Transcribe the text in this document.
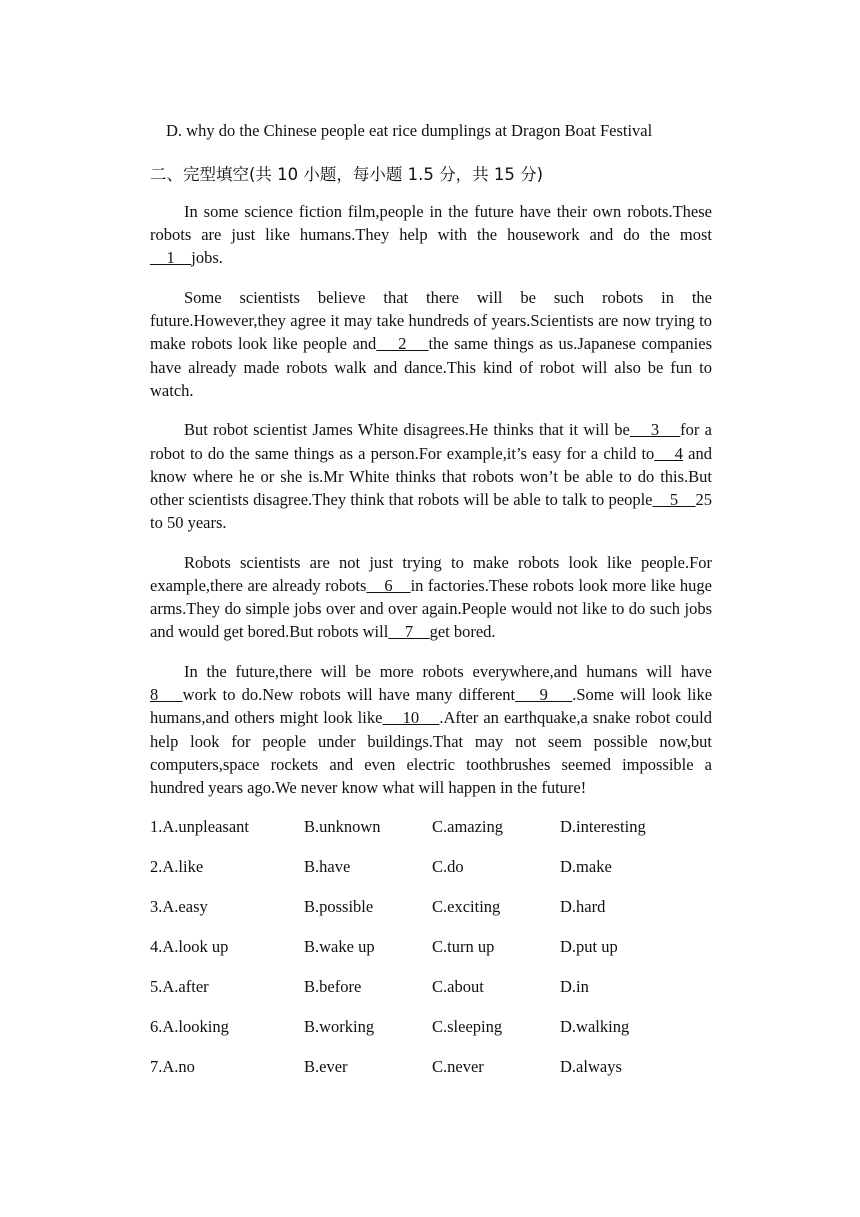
D. why do the Chinese people eat rice dumplings at Dragon Boat Festival
二、完型填空(共 10 小题，每小题 1.5 分，共 15 分)

In some science fiction film,people in the future have their own robots.These robots are just like humans.They help with the housework and do the most    1    jobs.

Some scientists believe that there will be such robots in the future.However,they agree it may take hundreds of years.Scientists are now trying to make robots look like people and    2    the same things as us.Japanese companies have already made robots walk and dance.This kind of robot will also be fun to watch.

But robot scientist James White disagrees.He thinks that it will be    3    for a robot to do the same things as a person.For example,it’s easy for a child to    4 and know where he or she is.Mr White thinks that robots won’t be able to do this.But other scientists disagree.They think that robots will be able to talk to people    5    25 to 50 years.

Robots scientists are not just trying to make robots look like people.For example,there are already robots    6    in factories.These robots look more like huge arms.They do simple jobs over and over again.People would not like to do such jobs and would get bored.But robots will    7    get bored.

In the future,there will be more robots everywhere,and humans will have 8    work to do.New robots will have many different    9    .Some will look like humans,and others might look like    10    .After an earthquake,a snake robot could help look for people under buildings.That may not seem possible now,but computers,space rockets and even electric toothbrushes seemed impossible a hundred years ago.We never know what will happen in the future!

1.A.unpleasant	B.unknown	C.amazing	D.interesting
2.A.like	B.have	C.do	D.make
3.A.easy	B.possible	C.exciting	D.hard
4.A.look up	B.wake up	C.turn up	D.put up
5.A.after	B.before	C.about	D.in
6.A.looking	B.working	C.sleeping	D.walking
7.A.no	B.ever	C.never	D.always
